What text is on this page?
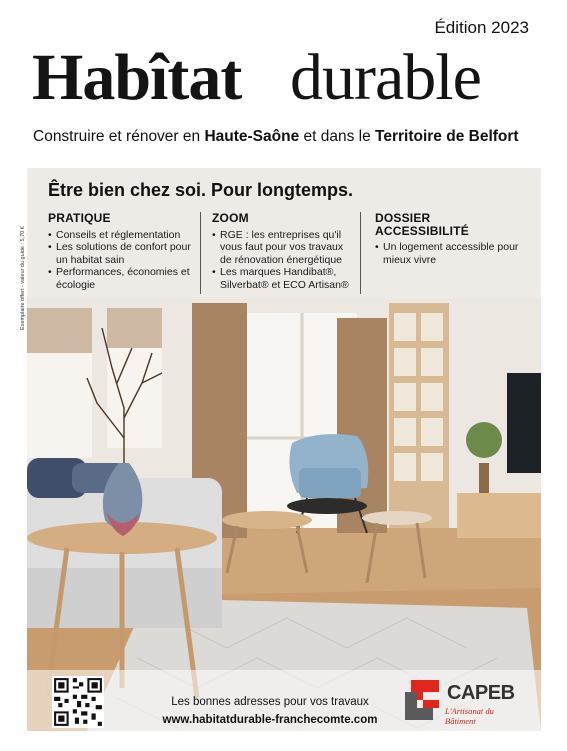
Édition 2023
Habîtat durable
Construire et rénover en Haute-Saône et dans le Territoire de Belfort
Être bien chez soi. Pour longtemps.
PRATIQUE
• Conseils et réglementation
• Les solutions de confort pour un habitat sain
• Performances, économies et écologie
ZOOM
• RGE : les entreprises qu'il vous faut pour vos travaux de rénovation énergétique
• Les marques Handibat®, Silverbat® et ECO Artisan®
DOSSIER ACCESSIBILITÉ
• Un logement accessible pour mieux vivre
Exemplaire offert - valeur du guide : 5,70 €
Les bonnes adresses pour vos travaux
www.habitatdurable-franchecomte.com
CAPEB
L'Artisanat du Bâtiment
